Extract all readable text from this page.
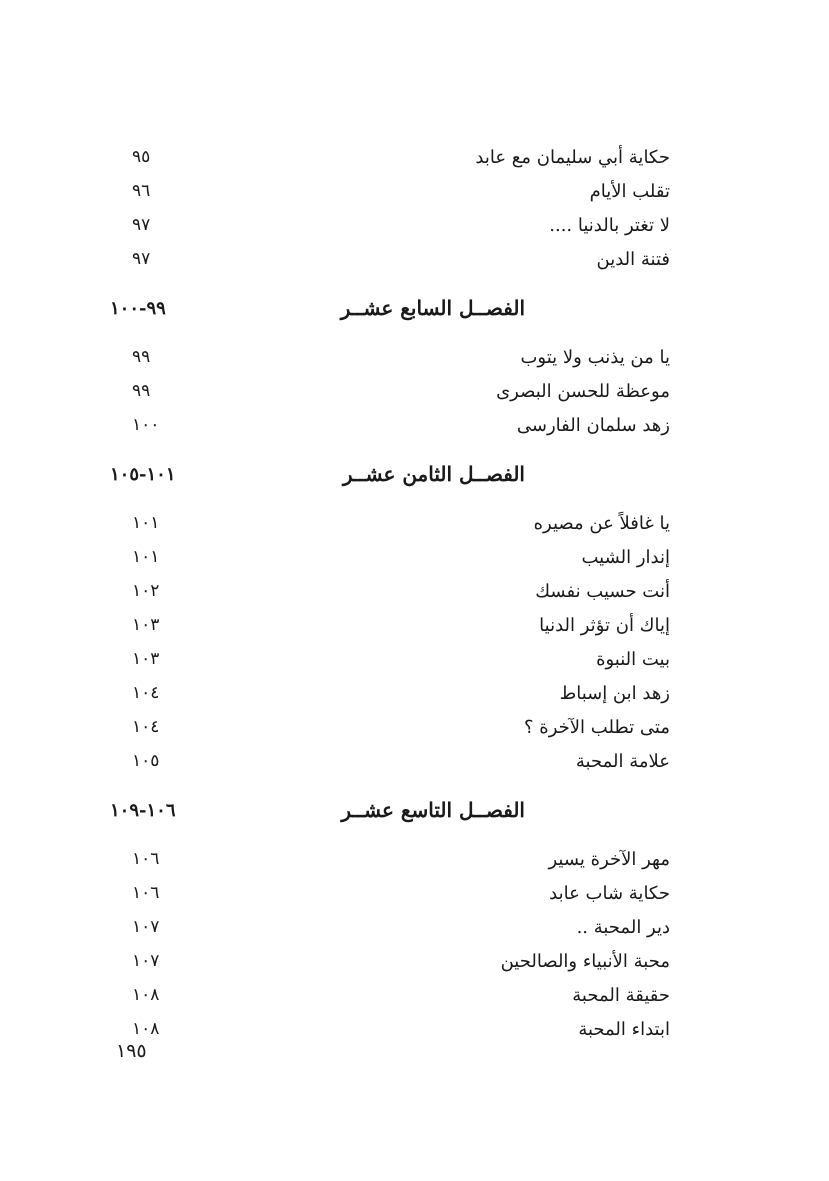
حكاية أبي سليمان مع عابد
٩٥
تقلب الأيام
٩٦
لا تغتر بالدنيا ....
٩٧
فتنة الدين
٩٧
الفصــل السابع عشــر
٩٩-١٠٠
يا من يذنب ولا يتوب
٩٩
موعظة للحسن البصرى
٩٩
زهد سلمان الفارسى
١٠٠
الفصــل الثامن عشــر
١٠١-١٠٥
يا غافلاً عن مصيره
١٠١
إندار الشيب
١٠١
أنت حسيب نفسك
١٠٢
إياك أن تؤثر الدنيا
١٠٣
بيت النبوة
١٠٣
زهد ابن إسباط
١٠٤
متى تطلب الآخرة ؟
١٠٤
علامة المحبة
١٠٥
الفصــل التاسع عشــر
١٠٦-١٠٩
مهر الآخرة يسير
١٠٦
حكاية شاب عابد
١٠٦
دير المحبة ..
١٠٧
محبة الأنبياء والصالحين
١٠٧
حقيقة المحبة
١٠٨
ابتداء المحبة
١٠٨
١٩٥
